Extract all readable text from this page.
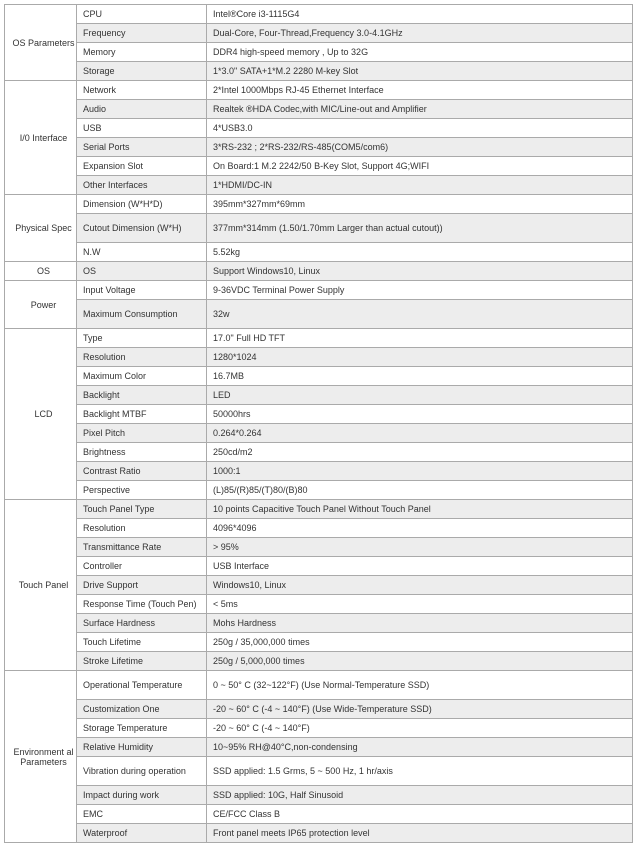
OS Parameters	CPU	Intel®Core i3-1115G4
	Frequency	Dual-Core, Four-Thread,Frequency 3.0-4.1GHz
	Memory	DDR4 high-speed memory , Up to 32G
	Storage	1*3.0" SATA+1*M.2 2280 M-key Slot
I/0 Interface	Network	2*Intel 1000Mbps RJ-45 Ethernet Interface
	Audio	Realtek ®HDA Codec,with MIC/Line-out and Amplifier
	USB	4*USB3.0
	Serial Ports	3*RS-232 ; 2*RS-232/RS-485(COM5/com6)
	Expansion Slot	On Board:1 M.2 2242/50 B-Key Slot, Support 4G;WIFI
	Other Interfaces	1*HDMI/DC-IN
Physical Spec	Dimension (W*H*D)	395mm*327mm*69mm
	Cutout Dimension (W*H)	377mm*314mm (1.50/1.70mm Larger than actual cutout))
	N.W	5.52kg
OS	OS	Support Windows10, Linux
Power	Input Voltage	9-36VDC Terminal Power Supply
	Maximum Consumption	32w
LCD	Type	17.0" Full HD TFT
	Resolution	1280*1024
	Maximum Color	16.7MB
	Backlight	LED
	Backlight MTBF	50000hrs
	Pixel Pitch	0.264*0.264
	Brightness	250cd/m2
	Contrast Ratio	1000:1
	Perspective	(L)85/(R)85/(T)80/(B)80
Touch Panel	Touch Panel Type	10 points Capacitive Touch Panel Without Touch Panel
	Resolution	4096*4096
	Transmittance Rate	> 95%
	Controller	USB Interface
	Drive Support	Windows10, Linux
	Response Time (Touch Pen)	< 5ms
	Surface Hardness	Mohs Hardness
	Touch Lifetime	250g / 35,000,000 times
	Stroke Lifetime	250g / 5,000,000 times
Environment al Parameters	Operational Temperature	0 ~ 50° C (32~122°F) (Use Normal-Temperature SSD)
	Customization One	-20 ~ 60° C (-4 ~ 140°F) (Use Wide-Temperature SSD)
	Storage Temperature	-20 ~ 60° C (-4 ~ 140°F)
	Relative Humidity	10~95% RH@40°C,non-condensing
	Vibration during operation	SSD applied: 1.5 Grms, 5 ~ 500 Hz, 1 hr/axis
	Impact during work	SSD applied: 10G, Half Sinusoid
	EMC	CE/FCC Class B
	Waterproof	Front panel meets IP65 protection level
